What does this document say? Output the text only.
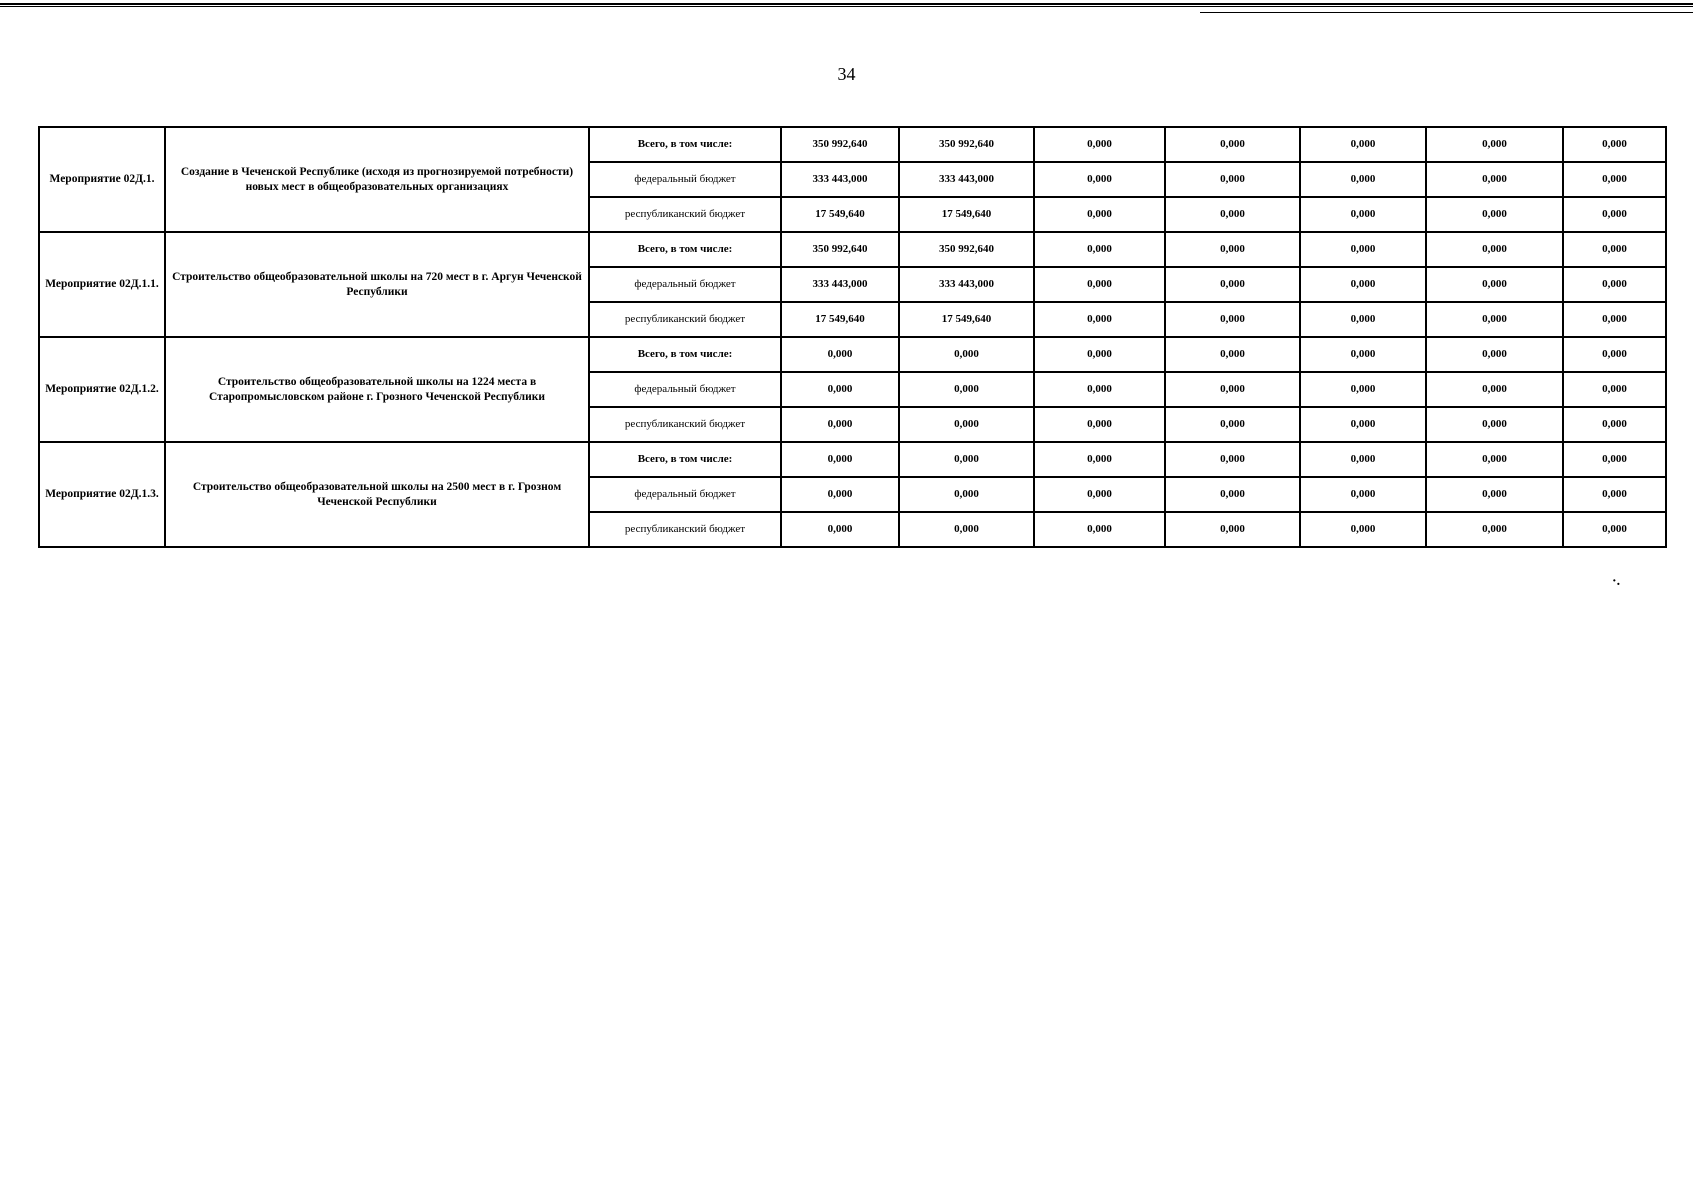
34
Мероприятие 02Д.1.	Создание в Чеченской Республике (исходя из прогнозируемой потребности) новых мест в общеобразовательных организациях	Всего, в том числе:	350 992,640	350 992,640	0,000	0,000	0,000	0,000	0,000
		федеральный бюджет	333 443,000	333 443,000	0,000	0,000	0,000	0,000	0,000
		республиканский бюджет	17 549,640	17 549,640	0,000	0,000	0,000	0,000	0,000
Мероприятие 02Д.1.1.	Строительство общеобразовательной школы на 720 мест в г. Аргун Чеченской Республики	Всего, в том числе:	350 992,640	350 992,640	0,000	0,000	0,000	0,000	0,000
		федеральный бюджет	333 443,000	333 443,000	0,000	0,000	0,000	0,000	0,000
		республиканский бюджет	17 549,640	17 549,640	0,000	0,000	0,000	0,000	0,000
Мероприятие 02Д.1.2.	Строительство общеобразовательной школы на 1224 места в Старопромысловском районе г. Грозного Чеченской Республики	Всего, в том числе:	0,000	0,000	0,000	0,000	0,000	0,000	0,000
		федеральный бюджет	0,000	0,000	0,000	0,000	0,000	0,000	0,000
		республиканский бюджет	0,000	0,000	0,000	0,000	0,000	0,000	0,000
Мероприятие 02Д.1.3.	Строительство общеобразовательной школы на 2500 мест в г. Грозном Чеченской Республики	Всего, в том числе:	0,000	0,000	0,000	0,000	0,000	0,000	0,000
		федеральный бюджет	0,000	0,000	0,000	0,000	0,000	0,000	0,000
		республиканский бюджет	0,000	0,000	0,000	0,000	0,000	0,000	0,000
·.
